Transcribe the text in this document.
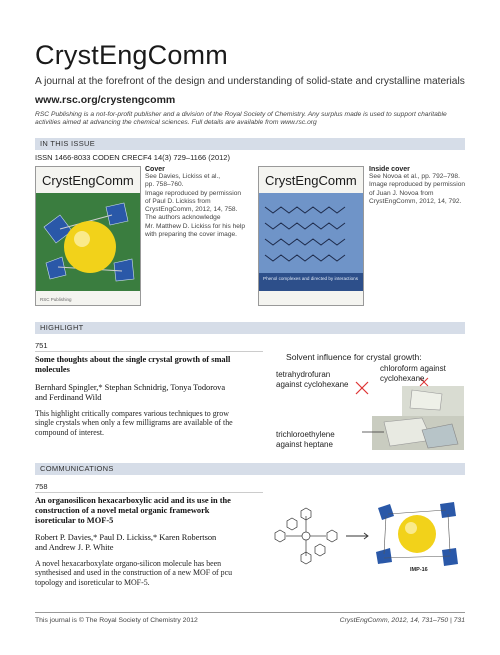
CrystEngComm
A journal at the forefront of the design and understanding of solid-state and crystalline materials
www.rsc.org/crystengcomm
RSC Publishing is a not-for-profit publisher and a division of the Royal Society of Chemistry. Any surplus made is used to support charitable activities aimed at advancing the chemical sciences. Full details are available from www.rsc.org
IN THIS ISSUE
ISSN 1466-8033 CODEN CRECF4 14(3) 729–1166 (2012)
CrystEngComm
RSC Publishing
Cover
See Davies, Lickiss et al.,
pp. 758–760.
Image reproduced by permission
of Paul D. Lickiss from
CrystEngComm, 2012, 14, 758.
The authors acknowledge
Mr. Matthew D. Lickiss for his help
with preparing the cover image.
CrystEngComm
Phenol complexes and directed by interactions
Inside cover
See Novoa et al., pp. 792–798.
Image reproduced by permission
of Juan J. Novoa from
CrystEngComm, 2012, 14, 792.
HIGHLIGHT
751
Some thoughts about the single crystal growth of small
molecules
Bernhard Spingler,* Stephan Schnidrig, Tonya Todorova
and Ferdinand Wild
This highlight critically compares various techniques to grow
single crystals when only a few milligrams are available of the
compound of interest.
Solvent influence for crystal growth:
tetrahydrofuran
against cyclohexane
chloroform against
cyclohexane
trichloroethylene
against heptane
COMMUNICATIONS
758
An organosilicon hexacarboxylic acid and its use in the
construction of a novel metal organic framework
isoreticular to MOF-5
Robert P. Davies,* Paul D. Lickiss,* Karen Robertson
and Andrew J. P. White
A novel hexacarboxylate organo-silicon molecule has been
synthesised and used in the construction of a new MOF of pcu
topology and isoreticular to MOF-5.
IMP-16
This journal is © The Royal Society of Chemistry 2012	CrystEngComm, 2012, 14, 731–750 | 731
